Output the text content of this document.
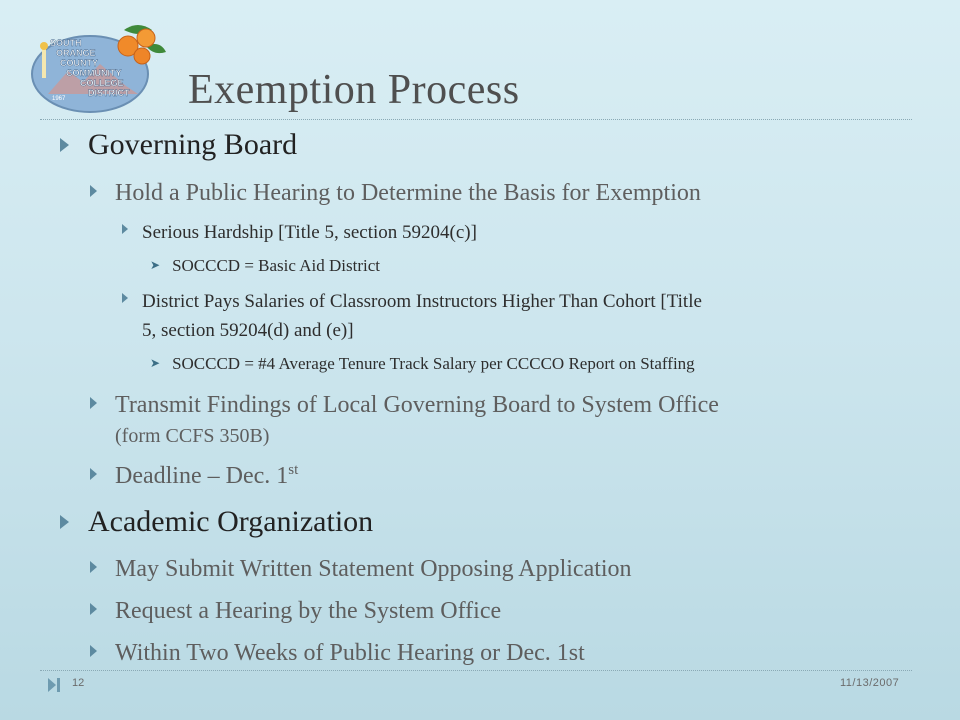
SOUTH
ORANGE
COUNTY
COMMUNITY
COLLEGE
DISTRICT
1967	Exemption Process
Governing Board
Hold a Public Hearing to Determine the Basis for Exemption
Serious Hardship [Title 5, section 59204(c)]
➤ SOCCCD = Basic Aid District
District Pays Salaries of Classroom Instructors Higher Than Cohort [Title
5, section 59204(d) and (e)]
➤ SOCCCD = #4 Average Tenure Track Salary per CCCCO Report on Staffing
Transmit Findings of Local Governing Board to System Office
(form CCFS 350B)
Deadline – Dec. 1st
Academic Organization
May Submit Written Statement Opposing Application
Request a Hearing by the System Office
Within Two Weeks of Public Hearing or Dec. 1st
12	11/13/2007
